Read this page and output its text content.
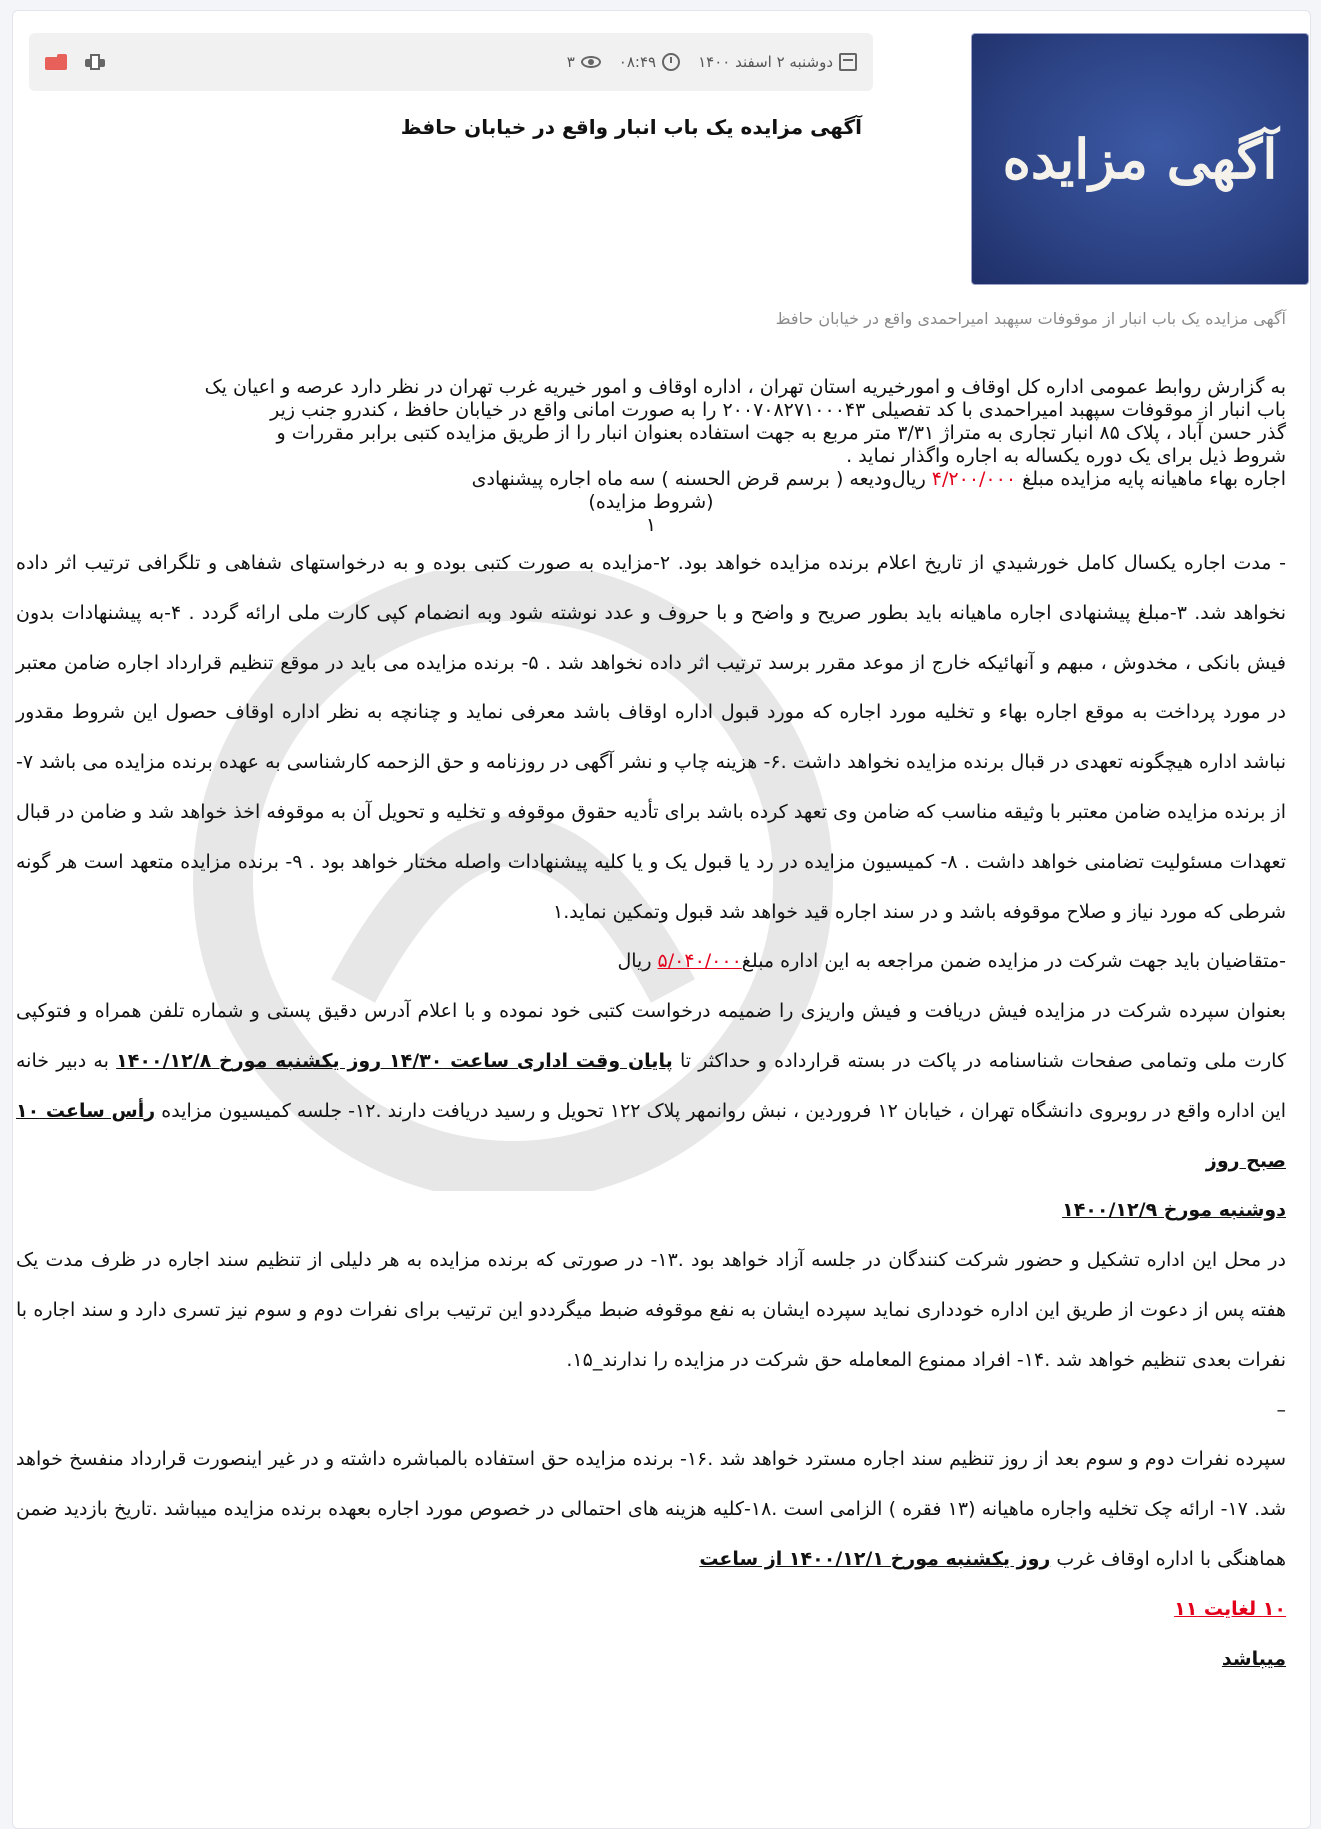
آگهی مزایده
دوشنبه ۲ اسفند ۱۴۰۰
۰۸:۴۹
۳
آگهی مزایده یک باب انبار واقع در خیابان حافظ
آگهی مزایده یک باب انبار از موقوفات سپهبد امیراحمدی واقع در خیابان حافظ

به گزارش روابط عمومی اداره کل اوقاف و امورخیریه استان تهران ، اداره اوقاف و امور خیریه غرب تهران در نظر دارد عرصه و اعیان یک

باب انبار از موقوفات سپهبد امیراحمدی با کد تفصیلی ۲۰۰۷۰۸۲۷۱۰۰۰۴۳ را به صورت امانی واقع در خیابان حافظ ، کندرو جنب زیر

گذر حسن آباد ، پلاک ۸۵ انبار تجاری به متراژ ۳/۳۱ متر مربع به جهت استفاده بعنوان انبار را از طریق مزایده کتبی برابر مقررات و

شروط ذیل برای یک دوره یکساله به اجاره واگذار نماید .

اجاره بهاء ماهیانه پایه مزایده مبلغ ۴/۲۰۰/۰۰۰ ریال‌ودیعه ( برسم قرض الحسنه ) سه ماه اجاره پیشنهادی

(شروط مزایده)

۱

- مدت اجاره یکسال کامل خورشيدي از تاریخ اعلام برنده مزایده خواهد بود. ۲-مزایده به صورت کتبی بوده و به درخواستهای شفاهی و تلگرافی ترتیب اثر داده نخواهد شد. ۳-مبلغ پیشنهادی اجاره ماهیانه باید بطور صریح و واضح و با حروف و عدد نوشته شود وبه انضمام کپی کارت ملی ارائه گردد . ۴-به پیشنهادات بدون فیش بانکی ، مخدوش ، مبهم و آنهائیکه خارج از موعد مقرر برسد ترتیب اثر داده نخواهد شد . ۵- برنده مزایده می باید در موقع تنظیم قرارداد اجاره ضامن معتبر در مورد پرداخت به موقع اجاره بهاء و تخلیه مورد اجاره که مورد قبول اداره اوقاف باشد معرفی نماید و چنانچه به نظر اداره اوقاف حصول این شروط مقدور نباشد اداره هیچگونه تعهدی در قبال برنده مزایده نخواهد داشت .۶- هزینه چاپ و نشر آگهی در روزنامه و حق الزحمه کارشناسی به عهده برنده مزایده می باشد ۷- از برنده مزایده ضامن معتبر با وثیقه مناسب که ضامن وی تعهد کرده باشد برای تأدیه حقوق موقوفه و تخلیه و تحویل آن به موقوفه اخذ خواهد شد و ضامن در قبال تعهدات مسئولیت تضامنی خواهد داشت . ۸- کمیسیون مزایده در رد یا قبول یک و یا کلیه پیشنهادات واصله مختار خواهد بود . ۹- برنده مزایده متعهد است هر گونه شرطی که مورد نیاز و صلاح موقوفه باشد و در سند اجاره قید خواهد شد قبول وتمکین نماید.۱

-متقاضیان باید جهت شرکت در مزایده ضمن مراجعه به این اداره مبلغ۵/۰۴۰/۰۰۰ ریال

بعنوان سپرده شرکت در مزایده فیش دریافت و فیش واریزی را ضمیمه درخواست کتبی خود نموده و با اعلام آدرس دقیق پستی و شماره تلفن همراه و فتوکپی کارت ملی وتمامی صفحات شناسنامه در پاکت در بسته قرارداده و حداکثر تا پایان وقت اداری ساعت ۱۴/۳۰ روز یکشنبه مورخ ۱۴۰۰/۱۲/۸ به دبیر خانه این اداره واقع در روبروی دانشگاه تهران ، خیابان ۱۲ فروردین ، نبش روانمهر پلاک ۱۲۲ تحویل و رسید دریافت دارند .۱۲- جلسه کمیسیون مزایده رأس ساعت ۱۰ صبح روز

دوشنبه مورخ ۱۴۰۰/۱۲/۹

در محل این اداره تشکیل و حضور شرکت کنندگان در جلسه آزاد خواهد بود .۱۳- در صورتی که برنده مزایده به هر دلیلی از تنظیم سند اجاره در ظرف مدت یک هفته پس از دعوت از طریق این اداره خودداری نماید سپرده ایشان به نفع موقوفه ضبط میگرددو این ترتیب برای نفرات دوم و سوم نیز تسری دارد و سند اجاره با نفرات بعدی تنظیم خواهد شد .۱۴- افراد ممنوع المعامله حق شرکت در مزایده را ندارند_۱۵.

–

سپرده نفرات دوم و سوم بعد از روز تنظیم سند اجاره مسترد خواهد شد .۱۶- برنده مزایده حق استفاده بالمباشره داشته و در غیر اینصورت قرارداد منفسخ خواهد شد. ۱۷- ارائه چک تخلیه واجاره ماهیانه (۱۳ فقره ) الزامی است .۱۸-کلیه هزینه های احتمالی در خصوص مورد اجاره بعهده برنده مزایده میباشد .تاریخ بازدید ضمن هماهنگی با اداره اوقاف غرب روز یکشنبه مورخ ۱۴۰۰/۱۲/۱ از ساعت

۱۰ لغایت ۱۱

میباشد
